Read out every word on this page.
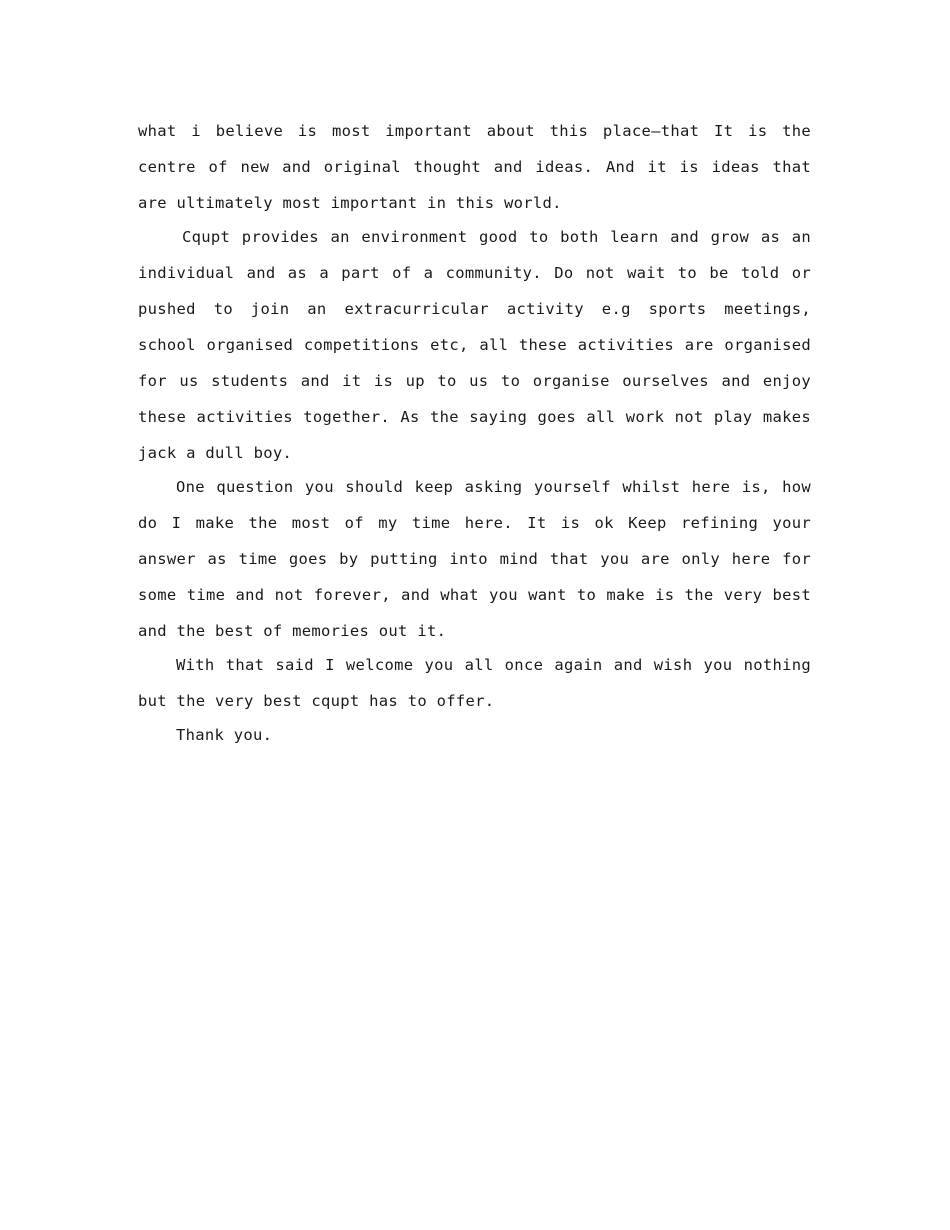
what i believe is most important about this place—that It is the centre of new and original thought and ideas. And it is ideas that are ultimately most important in this world.

Cqupt provides an environment good to both learn and grow as an individual and as a part of a community. Do not wait to be told or pushed to join an extracurricular activity e.g sports meetings, school organised competitions etc, all these activities are organised for us students and it is up to us to organise ourselves and enjoy these activities together. As the saying goes all work not play makes jack a dull boy.

One question you should keep asking yourself whilst here is, how do I make the most of my time here. It is ok Keep refining your answer as time goes by putting into mind that you are only here for some time and not forever, and what you want to make is the very best and the best of memories out it.

With that said I welcome you all once again and wish you nothing but the very best cqupt has to offer.

Thank you.
